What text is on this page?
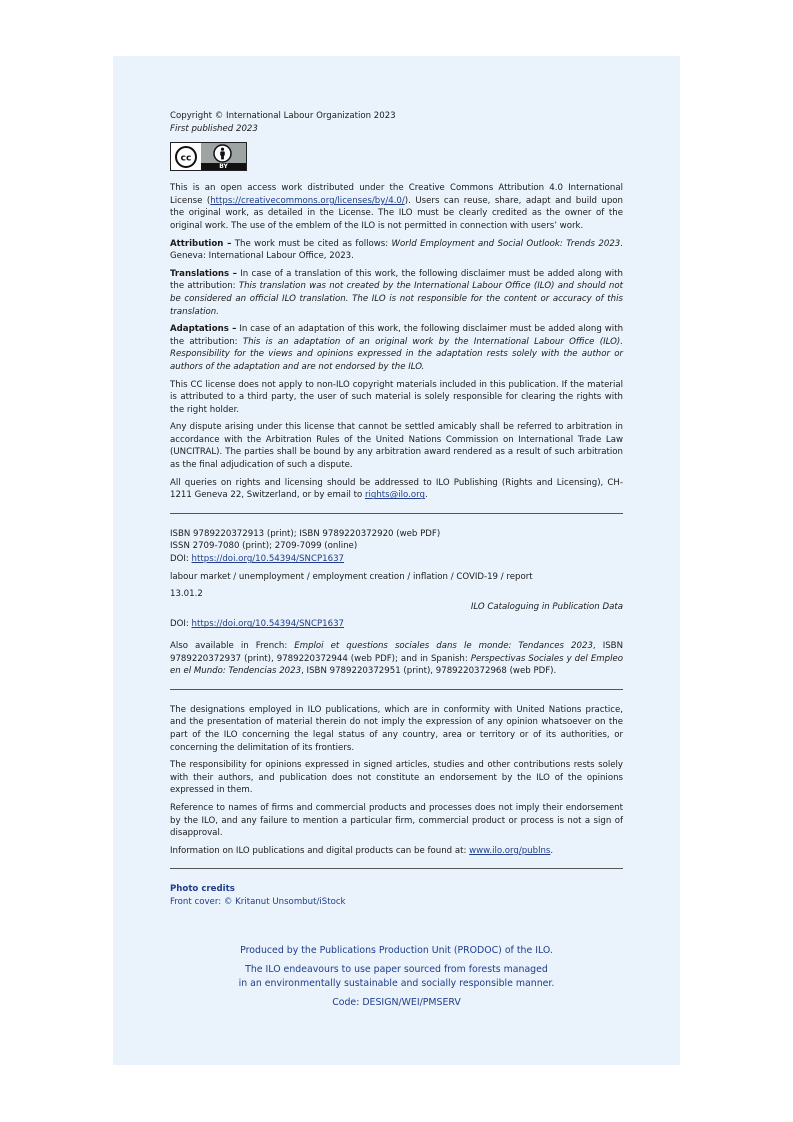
Copyright © International Labour Organization 2023

First published 2023

cc
BY

This is an open access work distributed under the Creative Commons Attribution 4.0 International License (https://creativecommons.org/licenses/by/4.0/). Users can reuse, share, adapt and build upon the original work, as detailed in the License. The ILO must be clearly credited as the owner of the original work. The use of the emblem of the ILO is not permitted in connection with users’ work.

Attribution – The work must be cited as follows: World Employment and Social Outlook: Trends 2023. Geneva: International Labour Office, 2023.

Translations – In case of a translation of this work, the following disclaimer must be added along with the attribution: This translation was not created by the International Labour Office (ILO) and should not be considered an official ILO translation. The ILO is not responsible for the content or accuracy of this translation.

Adaptations – In case of an adaptation of this work, the following disclaimer must be added along with the attribution: This is an adaptation of an original work by the International Labour Office (ILO). Responsibility for the views and opinions expressed in the adaptation rests solely with the author or authors of the adaptation and are not endorsed by the ILO.

This CC license does not apply to non-ILO copyright materials included in this publication. If the material is attributed to a third party, the user of such material is solely responsible for clearing the rights with the right holder.

Any dispute arising under this license that cannot be settled amicably shall be referred to arbitration in accordance with the Arbitration Rules of the United Nations Commission on International Trade Law (UNCITRAL). The parties shall be bound by any arbitration award rendered as a result of such arbitration as the final adjudication of such a dispute.

All queries on rights and licensing should be addressed to ILO Publishing (Rights and Licensing), CH-1211 Geneva 22, Switzerland, or by email to rights@ilo.org.

ISBN 9789220372913 (print); ISBN 9789220372920 (web PDF)

ISSN 2709-7080 (print); 2709-7099 (online)

DOI: https://doi.org/10.54394/SNCP1637

labour market / unemployment / employment creation / inflation / COVID-19 / report

13.01.2

ILO Cataloguing in Publication Data

DOI: https://doi.org/10.54394/SNCP1637

Also available in French: Emploi et questions sociales dans le monde: Tendances 2023, ISBN 9789220372937 (print), 9789220372944 (web PDF); and in Spanish: Perspectivas Sociales y del Empleo en el Mundo: Tendencias 2023, ISBN 9789220372951 (print), 9789220372968 (web PDF).

The designations employed in ILO publications, which are in conformity with United Nations practice, and the presentation of material therein do not imply the expression of any opinion whatsoever on the part of the ILO concerning the legal status of any country, area or territory or of its authorities, or concerning the delimitation of its frontiers.

The responsibility for opinions expressed in signed articles, studies and other contributions rests solely with their authors, and publication does not constitute an endorsement by the ILO of the opinions expressed in them.

Reference to names of firms and commercial products and processes does not imply their endorsement by the ILO, and any failure to mention a particular firm, commercial product or process is not a sign of disapproval.

Information on ILO publications and digital products can be found at: www.ilo.org/publns.

Photo credits

Front cover: © Kritanut Unsombut/iStock

Produced by the Publications Production Unit (PRODOC) of the ILO.

The ILO endeavours to use paper sourced from forests managed
in an environmentally sustainable and socially responsible manner.

Code: DESIGN/WEI/PMSERV
